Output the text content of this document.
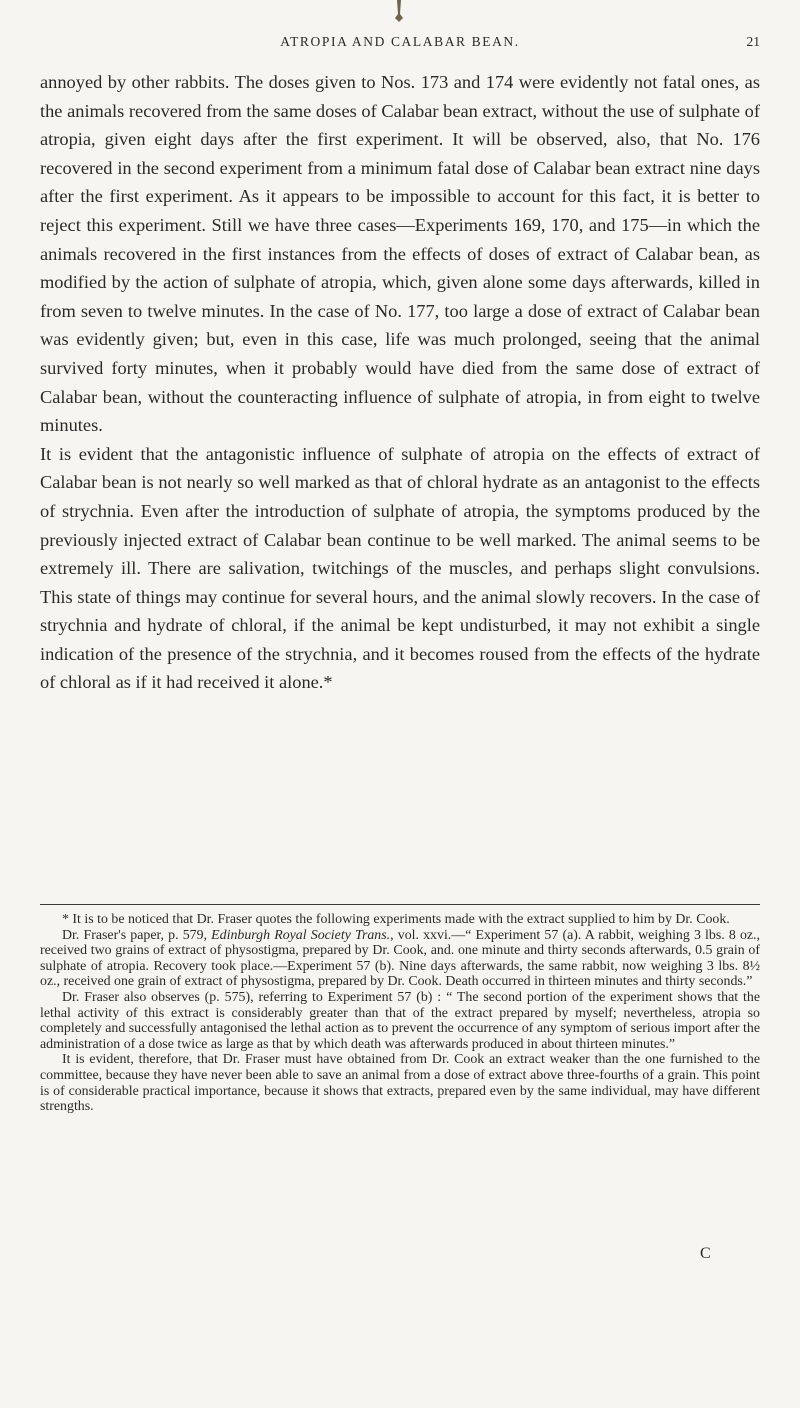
ATROPIA AND CALABAR BEAN.	21

annoyed by other rabbits. The doses given to Nos. 173 and 174 were evidently not fatal ones, as the animals recovered from the same doses of Calabar bean extract, without the use of sulphate of atropia, given eight days after the first experiment. It will be observed, also, that No. 176 recovered in the second experiment from a minimum fatal dose of Calabar bean extract nine days after the first experiment. As it appears to be impossible to account for this fact, it is better to reject this experiment. Still we have three cases—Experiments 169, 170, and 175—in which the animals recovered in the first instances from the effects of doses of extract of Calabar bean, as modified by the action of sulphate of atropia, which, given alone some days afterwards, killed in from seven to twelve minutes. In the case of No. 177, too large a dose of extract of Calabar bean was evidently given; but, even in this case, life was much prolonged, seeing that the animal survived forty minutes, when it probably would have died from the same dose of extract of Calabar bean, without the counteracting influence of sulphate of atropia, in from eight to twelve minutes.

It is evident that the antagonistic influence of sulphate of atropia on the effects of extract of Calabar bean is not nearly so well marked as that of chloral hydrate as an antagonist to the effects of strychnia. Even after the introduction of sulphate of atropia, the symptoms produced by the previously injected extract of Calabar bean continue to be well marked. The animal seems to be extremely ill. There are salivation, twitchings of the muscles, and perhaps slight convulsions. This state of things may continue for several hours, and the animal slowly recovers. In the case of strychnia and hydrate of chloral, if the animal be kept undisturbed, it may not exhibit a single indication of the presence of the strychnia, and it becomes roused from the effects of the hydrate of chloral as if it had received it alone.*

* It is to be noticed that Dr. Fraser quotes the following experiments made with the extract supplied to him by Dr. Cook.

Dr. Fraser's paper, p. 579, Edinburgh Royal Society Trans., vol. xxvi.—“ Experiment 57 (a). A rabbit, weighing 3 lbs. 8 oz., received two grains of extract of physostigma, prepared by Dr. Cook, and. one minute and thirty seconds afterwards, 0.5 grain of sulphate of atropia. Recovery took place.—Experiment 57 (b). Nine days afterwards, the same rabbit, now weighing 3 lbs. 8½ oz., received one grain of extract of physostigma, prepared by Dr. Cook. Death occurred in thirteen minutes and thirty seconds.”

Dr. Fraser also observes (p. 575), referring to Experiment 57 (b) : “ The second portion of the experiment shows that the lethal activity of this extract is considerably greater than that of the extract prepared by myself; nevertheless, atropia so completely and successfully antagonised the lethal action as to prevent the occurrence of any symptom of serious import after the administration of a dose twice as large as that by which death was afterwards produced in about thirteen minutes.”

It is evident, therefore, that Dr. Fraser must have obtained from Dr. Cook an extract weaker than the one furnished to the committee, because they have never been able to save an animal from a dose of extract above three-fourths of a grain. This point is of considerable practical importance, because it shows that extracts, prepared even by the same individual, may have different strengths.

C
